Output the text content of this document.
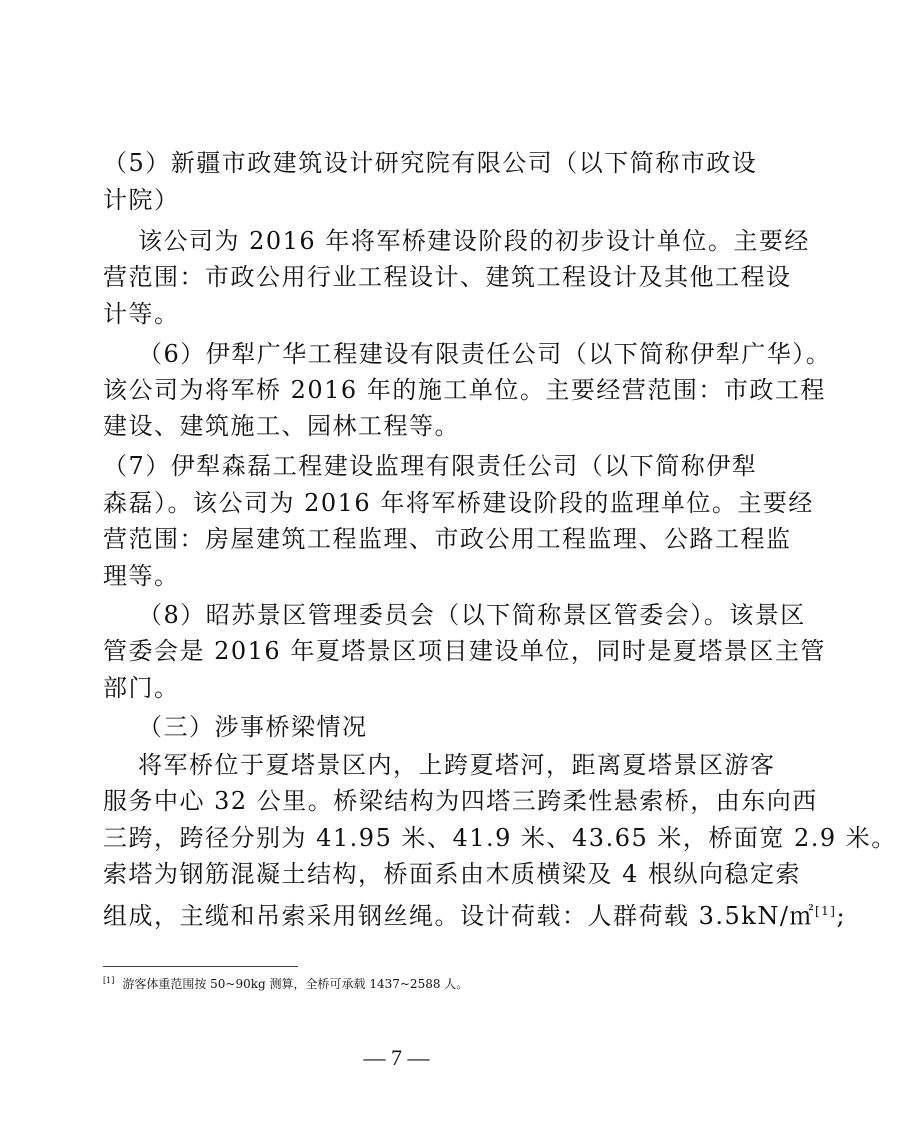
（5）新疆市政建筑设计研究院有限公司（以下简称市政设
计院）
该公司为 2016 年将军桥建设阶段的初步设计单位。主要经
营范围：市政公用行业工程设计、建筑工程设计及其他工程设
计等。
（6）伊犁广华工程建设有限责任公司（以下简称伊犁广华）。
该公司为将军桥 2016 年的施工单位。主要经营范围：市政工程
建设、建筑施工、园林工程等。
（7）伊犁森磊工程建设监理有限责任公司（以下简称伊犁
森磊）。该公司为 2016 年将军桥建设阶段的监理单位。主要经
营范围：房屋建筑工程监理、市政公用工程监理、公路工程监
理等。
（8）昭苏景区管理委员会（以下简称景区管委会）。该景区
管委会是 2016 年夏塔景区项目建设单位，同时是夏塔景区主管
部门。
（三）涉事桥梁情况
将军桥位于夏塔景区内，上跨夏塔河，距离夏塔景区游客
服务中心 32 公里。桥梁结构为四塔三跨柔性悬索桥，由东向西
三跨，跨径分别为 41.95 米、41.9 米、43.65 米，桥面宽 2.9 米。
索塔为钢筋混凝土结构，桥面系由木质横梁及 4 根纵向稳定索
组成，主缆和吊索采用钢丝绳。设计荷载：人群荷载 3.5kN/㎡[1];
[1] 游客体重范围按 50~90kg 测算，全桥可承载 1437~2588 人。
— 7 —
